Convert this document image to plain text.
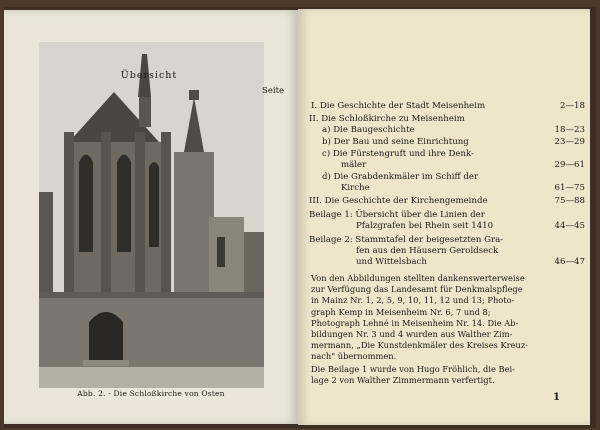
Abb. 2. - Die Schloßkirche von Osten
Übersicht
Seite
I. Die Geschichte der Stadt Meisenheim	2—18
II. Die Schloßkirche zu Meisenheim
a) Die Baugeschichte	18—23
b) Der Bau und seine Einrichtung	23—29
c) Die Fürstengruft und ihre Denk-
mäler	29—61
d) Die Grabdenkmäler im Schiff der
Kirche	61—75
III. Die Geschichte der Kirchengemeinde	75—88
Beilage 1: Übersicht über die Linien der
Pfalzgrafen bei Rhein seit 1410	44—45
Beilage 2: Stammtafel der beigesetzten Gra-
fen aus den Häusern Geroldseck
und Wittelsbach	46—47
Von den Abbildungen stellten dankenswerterweise
zur Verfügung das Landesamt für Denkmalspflege
in Mainz Nr. 1, 2, 5, 9, 10, 11, 12 und 13; Photo-
graph Kemp in Meisenheim Nr. 6, 7 und 8;
Photograph Lehné in Meisenheim Nr. 14. Die Ab-
bildungen Nr. 3 und 4 wurden aus Walther Zim-
mermann, „Die Kunstdenkmäler des Kreises Kreuz-
nach" übernommen.
Die Beilage 1 wurde von Hugo Fröhlich, die Bei-
lage 2 von Walther Zimmermann verfertigt.
1
